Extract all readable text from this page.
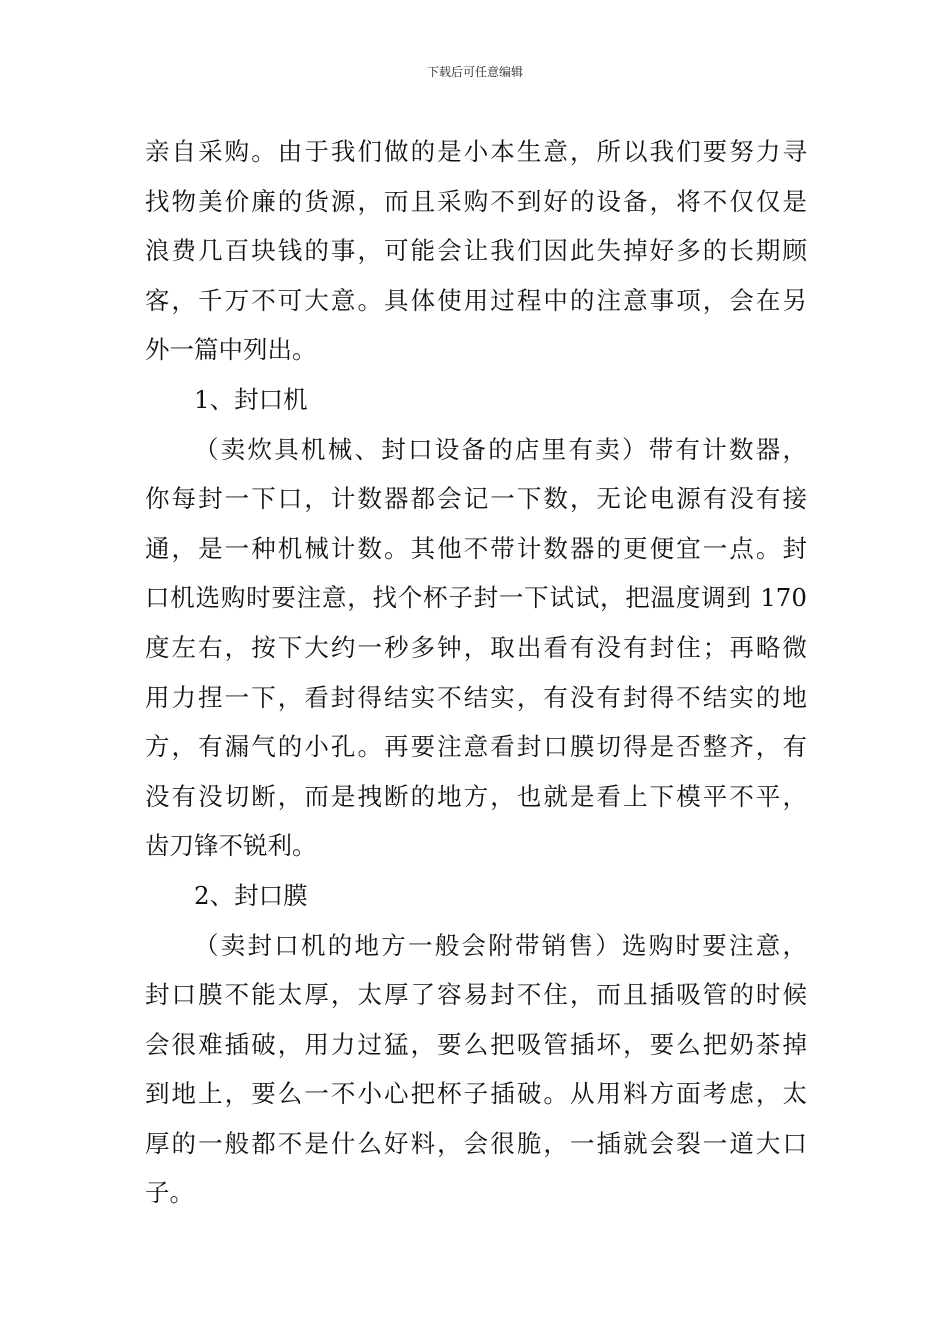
下载后可任意编辑
亲自采购。由于我们做的是小本生意，所以我们要努力寻
找物美价廉的货源，而且采购不到好的设备，将不仅仅是
浪费几百块钱的事，可能会让我们因此失掉好多的长期顾
客，千万不可大意。具体使用过程中的注意事项，会在另
外一篇中列出。
1、封口机
（卖炊具机械、封口设备的店里有卖）带有计数器，
你每封一下口，计数器都会记一下数，无论电源有没有接
通，是一种机械计数。其他不带计数器的更便宜一点。封
口机选购时要注意，找个杯子封一下试试，把温度调到 170
度左右，按下大约一秒多钟，取出看有没有封住；再略微
用力捏一下，看封得结实不结实，有没有封得不结实的地
方，有漏气的小孔。再要注意看封口膜切得是否整齐，有
没有没切断，而是拽断的地方，也就是看上下模平不平，
齿刀锋不锐利。
2、封口膜
（卖封口机的地方一般会附带销售）选购时要注意，
封口膜不能太厚，太厚了容易封不住，而且插吸管的时候
会很难插破，用力过猛，要么把吸管插坏，要么把奶茶掉
到地上，要么一不小心把杯子插破。从用料方面考虑，太
厚的一般都不是什么好料，会很脆，一插就会裂一道大口
子。
